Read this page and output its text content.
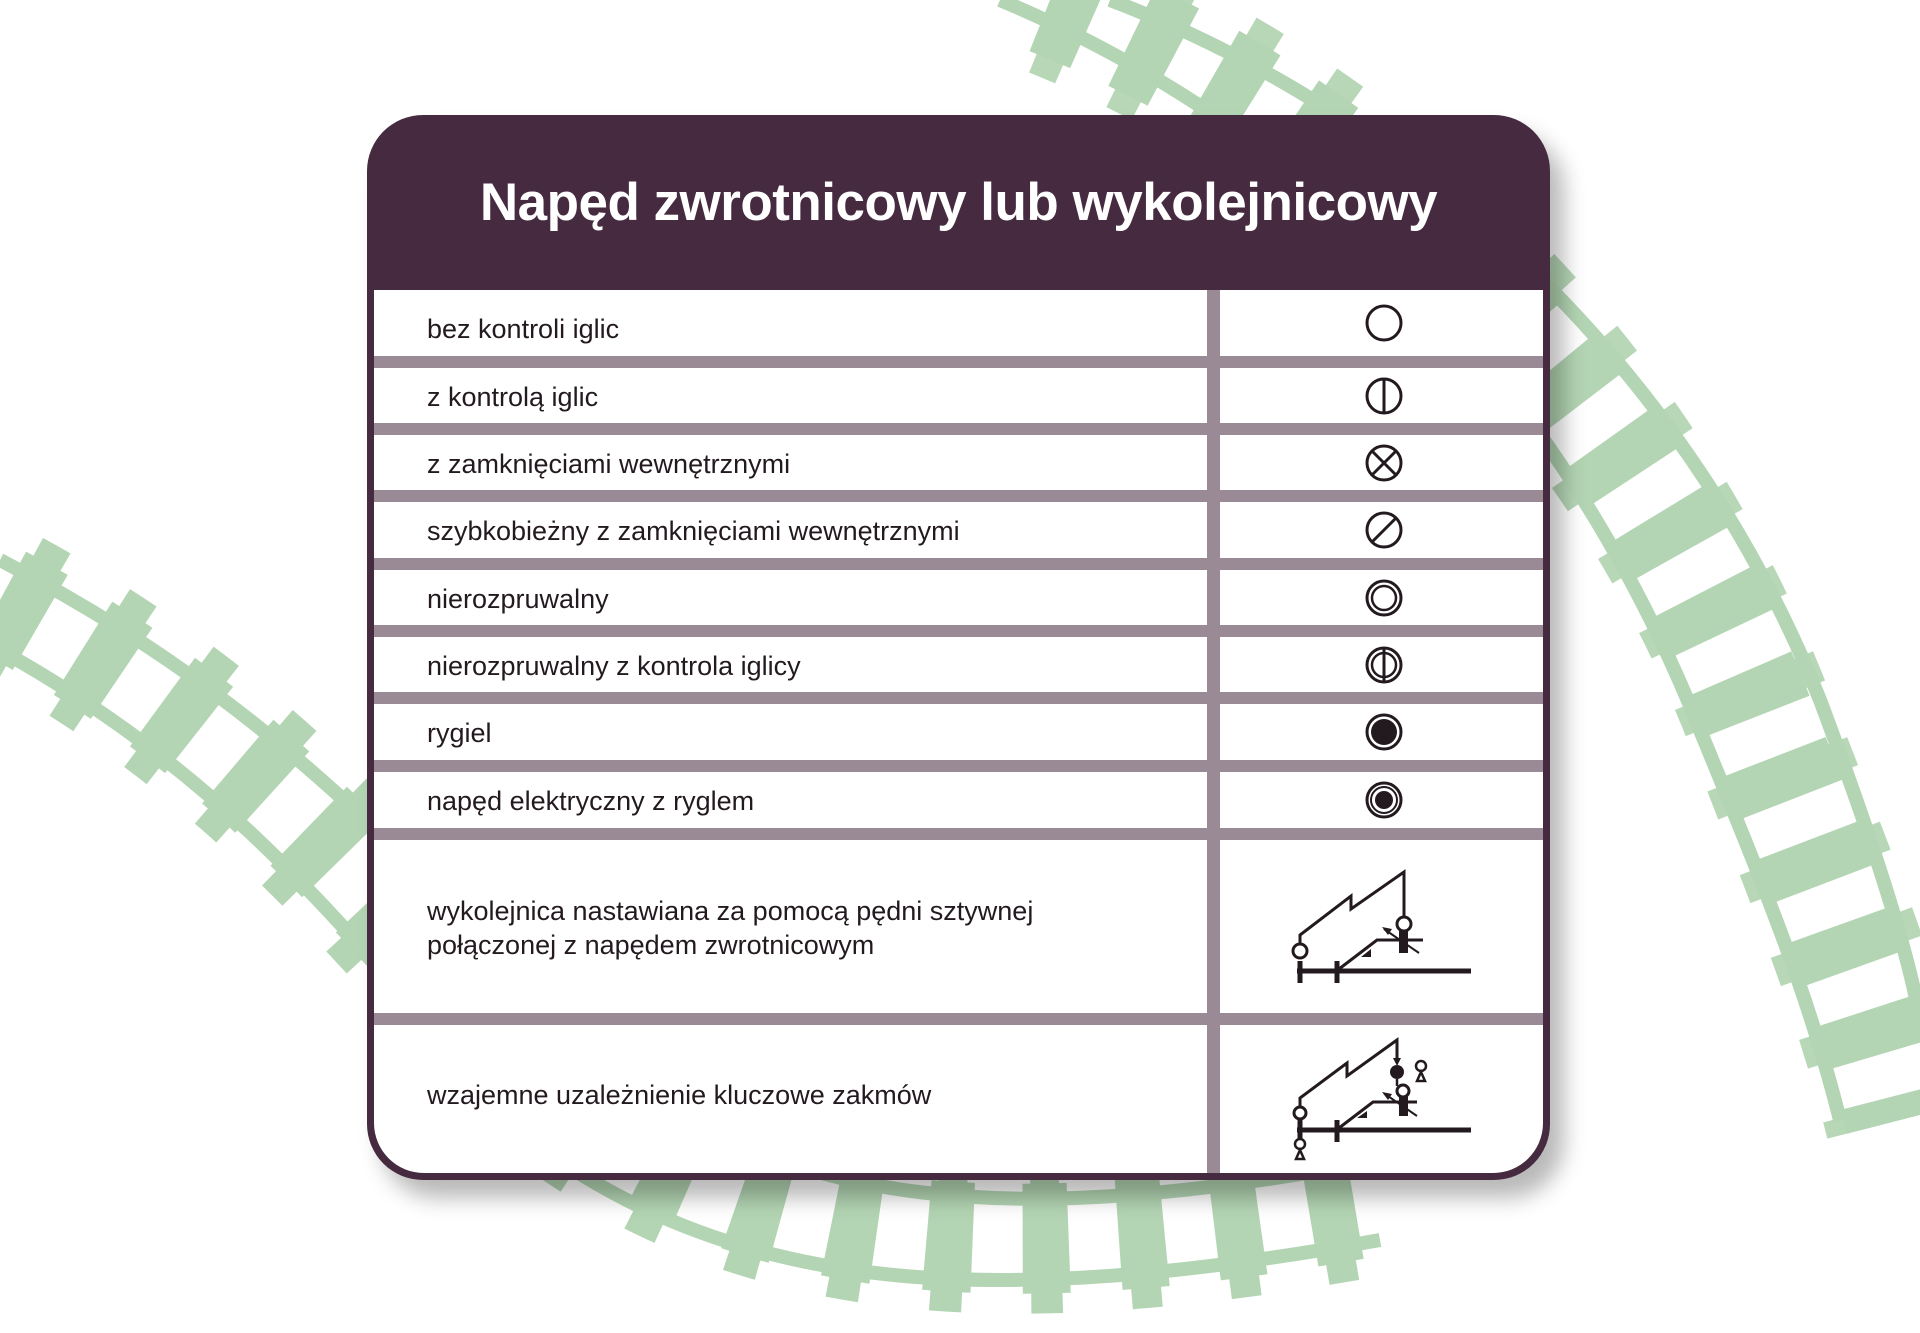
Napęd zwrotnicowy lub wykolejnicowy
bez kontroli iglic
z kontrolą iglic
z zamknięciami wewnętrznymi
szybkobieżny z zamknięciami wewnętrznymi
nierozpruwalny
nierozpruwalny z kontrola iglicy
rygiel
napęd elektryczny z ryglem
wykolejnica nastawiana za pomocą pędni sztywnej
połączonej z napędem zwrotnicowym
wzajemne uzależnienie kluczowe zakmów
